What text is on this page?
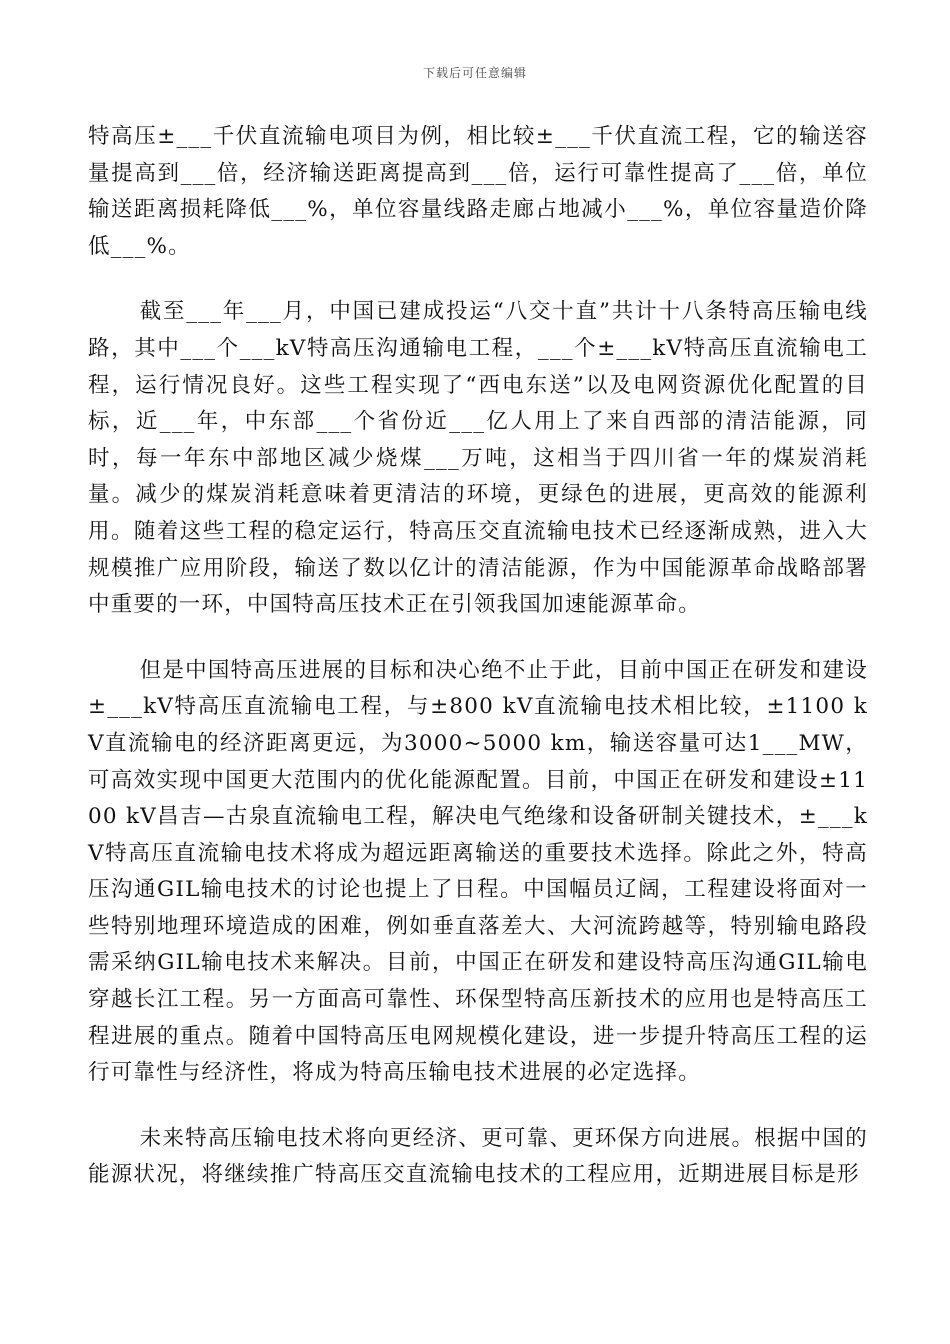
下载后可任意编辑

特高压±___千伏直流输电项目为例，相比较±___千伏直流工程，它的输送容量提高到___倍，经济输送距离提高到___倍，运行可靠性提高了___倍，单位输送距离损耗降低___%，单位容量线路走廊占地减小___%，单位容量造价降低___%。

截至___年___月，中国已建成投运“八交十直”共计十八条特高压输电线路，其中___个___kV特高压沟通输电工程，___个±___kV特高压直流输电工程，运行情况良好。这些工程实现了“西电东送”以及电网资源优化配置的目标，近___年，中东部___个省份近___亿人用上了来自西部的清洁能源，同时，每一年东中部地区减少烧煤___万吨，这相当于四川省一年的煤炭消耗量。减少的煤炭消耗意味着更清洁的环境，更绿色的进展，更高效的能源利用。随着这些工程的稳定运行，特高压交直流输电技术已经逐渐成熟，进入大规模推广应用阶段，输送了数以亿计的清洁能源，作为中国能源革命战略部署中重要的一环，中国特高压技术正在引领我国加速能源革命。

但是中国特高压进展的目标和决心绝不止于此，目前中国正在研发和建设±___kV特高压直流输电工程，与±800 kV直流输电技术相比较，±1100 kV直流输电的经济距离更远，为3000~5000 km，输送容量可达1___MW，可高效实现中国更大范围内的优化能源配置。目前，中国正在研发和建设±1100 kV昌吉—古泉直流输电工程，解决电气绝缘和设备研制关键技术，±___kV特高压直流输电技术将成为超远距离输送的重要技术选择。除此之外，特高压沟通GIL输电技术的讨论也提上了日程。中国幅员辽阔，工程建设将面对一些特别地理环境造成的困难，例如垂直落差大、大河流跨越等，特别输电路段需采纳GIL输电技术来解决。目前，中国正在研发和建设特高压沟通GIL输电穿越长江工程。另一方面高可靠性、环保型特高压新技术的应用也是特高压工程进展的重点。随着中国特高压电网规模化建设，进一步提升特高压工程的运行可靠性与经济性，将成为特高压输电技术进展的必定选择。

未来特高压输电技术将向更经济、更可靠、更环保方向进展。根据中国的能源状况，将继续推广特高压交直流输电技术的工程应用，近期进展目标是形
